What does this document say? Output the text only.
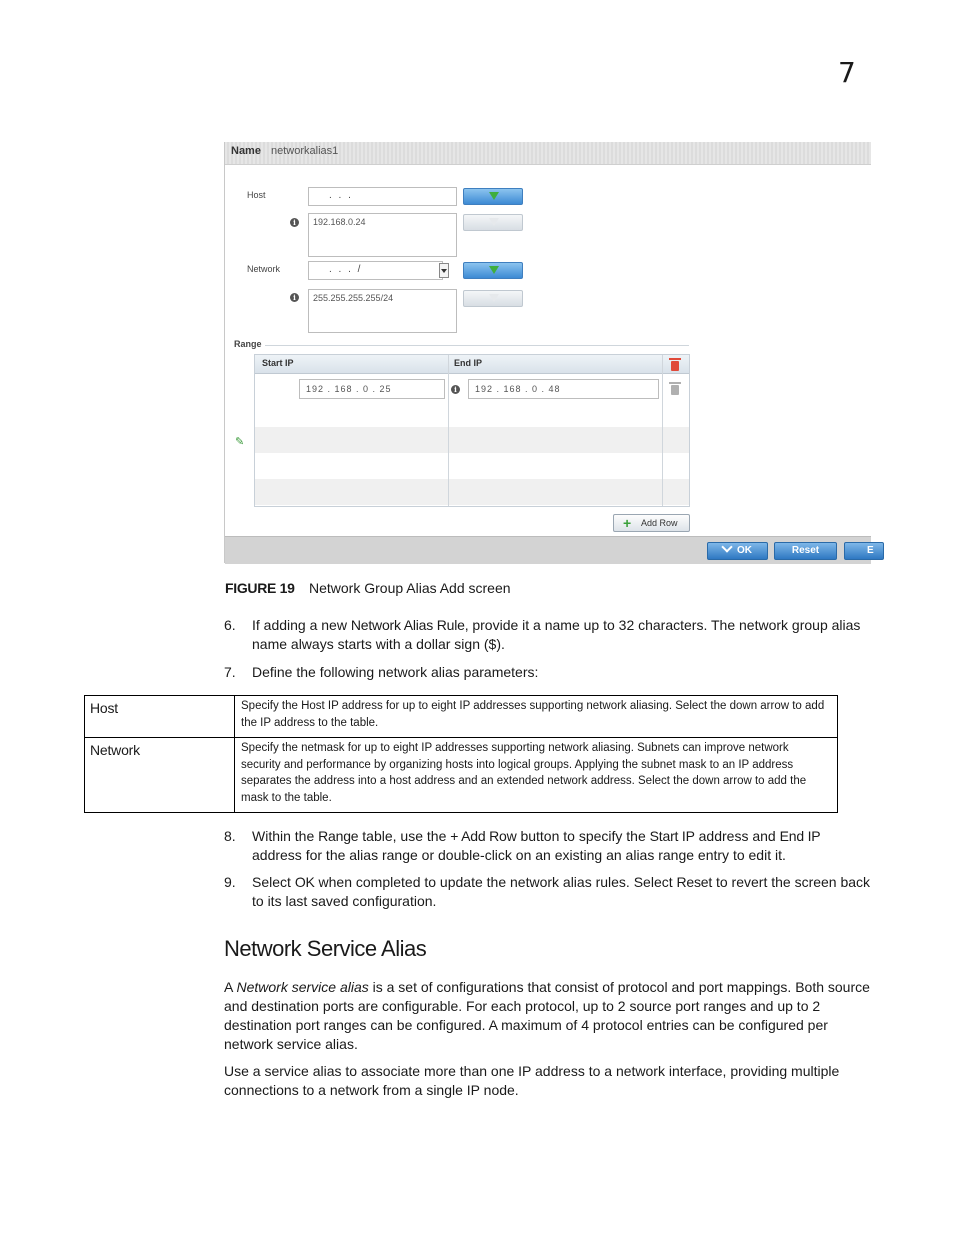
7
Name networkalias1
Host	. . .
i	192.168.0.24
Network	. . . /
i	255.255.255.255/24
Range
✎
Start IP	End IP
192 . 168 . 0 . 25	i	192 . 168 . 0 . 48
+ Add Row
OK	Reset	E
FIGURE 19 Network Group Alias Add screen
6. If adding a new Network Alias Rule, provide it a name up to 32 characters. The network group alias name always starts with a dollar sign ($).
7. Define the following network alias parameters:
Host	Specify the Host IP address for up to eight IP addresses supporting network aliasing. Select the down arrow to add the IP address to the table.
Network	Specify the netmask for up to eight IP addresses supporting network aliasing. Subnets can improve network security and performance by organizing hosts into logical groups. Applying the subnet mask to an IP address separates the address into a host address and an extended network address. Select the down arrow to add the mask to the table.
8. Within the Range table, use the + Add Row button to specify the Start IP address and End IP address for the alias range or double-click on an existing an alias range entry to edit it.
9. Select OK when completed to update the network alias rules. Select Reset to revert the screen back to its last saved configuration.
Network Service Alias
A Network service alias is a set of configurations that consist of protocol and port mappings. Both source and destination ports are configurable. For each protocol, up to 2 source port ranges and up to 2 destination port ranges can be configured. A maximum of 4 protocol entries can be configured per network service alias.
Use a service alias to associate more than one IP address to a network interface, providing multiple connections to a network from a single IP node.
